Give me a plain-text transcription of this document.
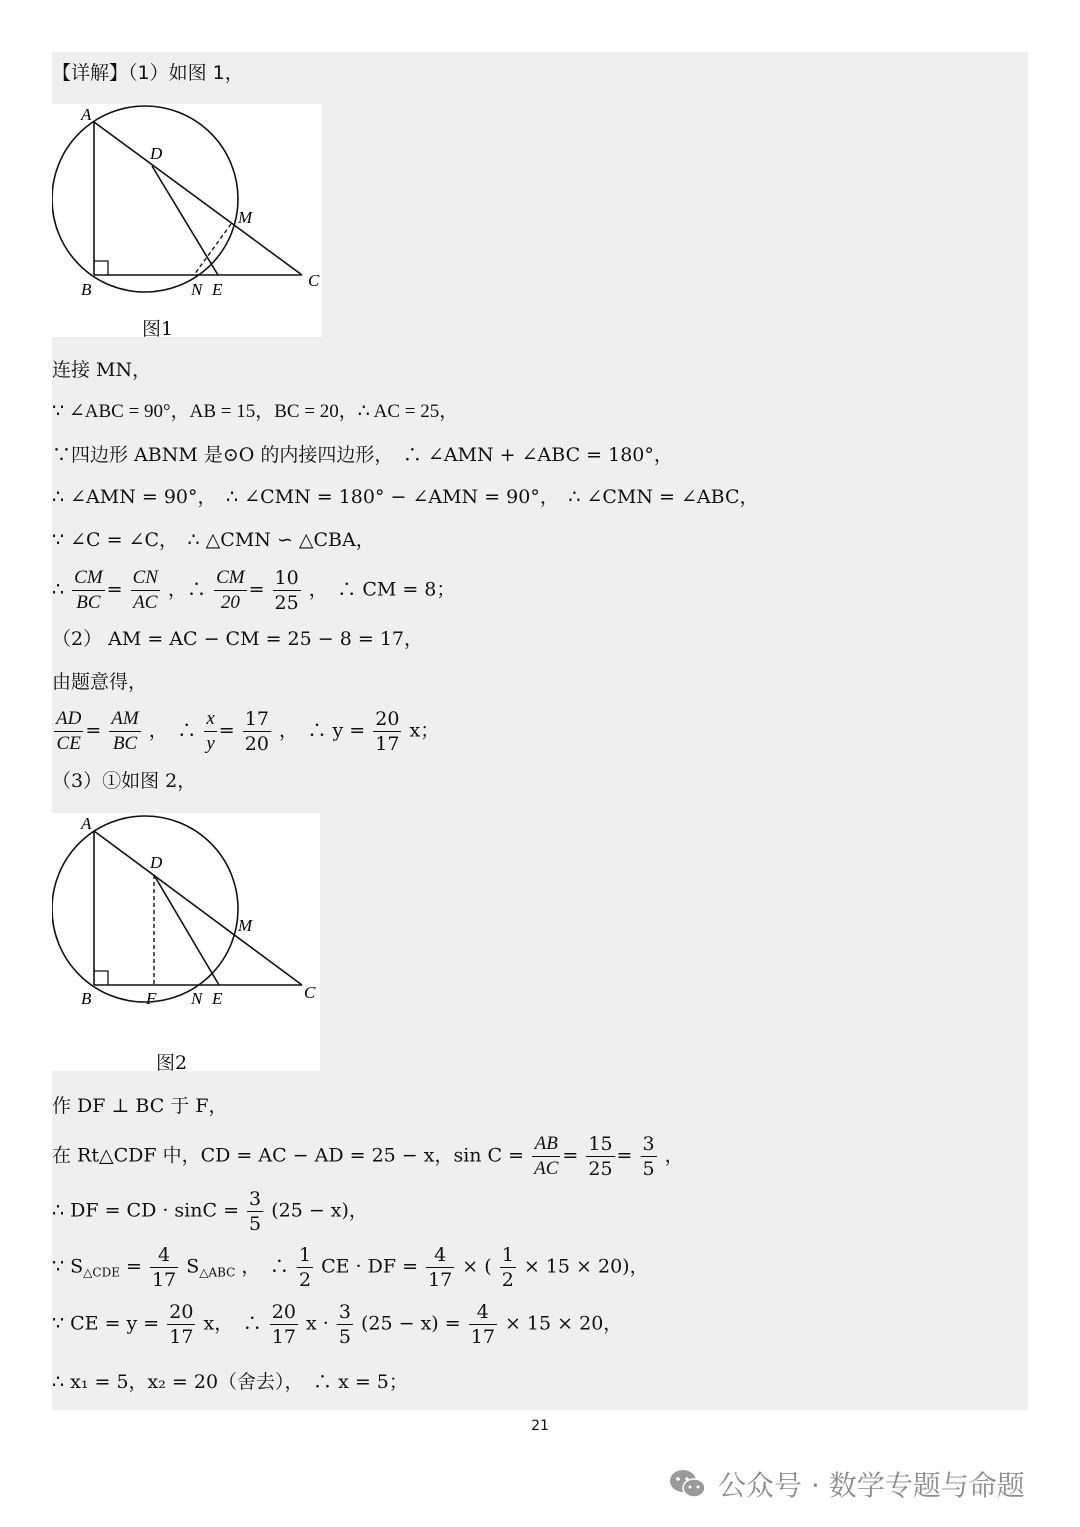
【详解】（1）如图 1，
A
D
M
B	N E	C
图1
连接 MN，
∵ ∠ABC = 90°，AB = 15，BC = 20，∴ AC = 25，
∵四边形 ABNM 是⊙O 的内接四边形，　∴ ∠AMN + ∠ABC = 180°，
∴ ∠AMN = 90°，　∴ ∠CMN = 180° − ∠AMN = 90°，　∴ ∠CMN = ∠ABC，
∵ ∠C = ∠C，　∴ △CMN ∽ △CBA，
∴ $\frac{CM}{BC} = \frac{CN}{AC}$ ，∴ $\frac{CM}{20} = \frac{10}{25}$ ，　∴ CM = 8；
（2） AM = AC − CM = 25 − 8 = 17，
由题意得，
$\frac{AD}{CE} = \frac{AM}{BC}$ ，　∴ $\frac{x}{y} = \frac{17}{20}$ ，　∴ $y = \frac{20}{17}$ x；
（3）①如图 2，
A
D
M
B	F N E	C
图2
作 DF ⊥ BC 于 F，
在 Rt△CDF 中，CD = AC − AD = 25 − x，$\sin C = \frac{AB}{AC} = \frac{15}{25} = \frac{3}{5}$ ，
∴ DF = CD · $\sin C = \frac{3}{5} (25 - x)$，
∵ $S_{\triangle CDE} = \frac{4}{17} S_{\triangle ABC}$ ，　∴ $\frac{1}{2}$ CE · DF = $\frac{4}{17}$ × ( $\frac{1}{2} \times 15 \times 20$)，
∵ CE = $y = \frac{20}{17}$ x，　∴ $\frac{20}{17}$ $x \cdot \frac{3}{5} (25 - x) = \frac{4}{17} \times 15 \times 20$，
∴ x₁ = 5，x₂ = 20（舍去），　∴ x = 5；
21
公众号 · 数学专题与命题
